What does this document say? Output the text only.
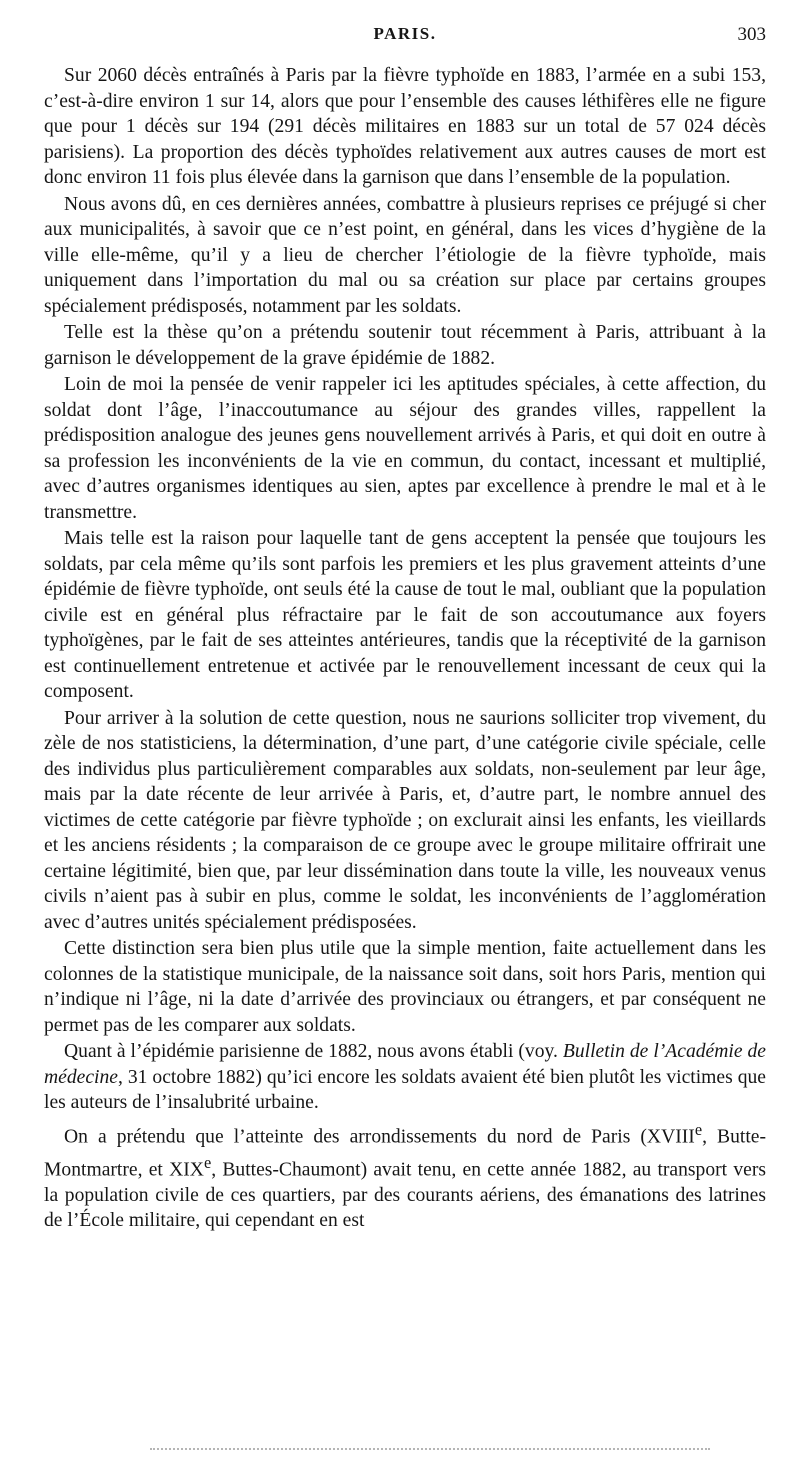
PARIS.	303

Sur 2060 décès entraînés à Paris par la fièvre typhoïde en 1883, l’armée en a subi 153, c’est-à-dire environ 1 sur 14, alors que pour l’ensemble des causes léthifères elle ne figure que pour 1 décès sur 194 (291 décès militaires en 1883 sur un total de 57 024 décès parisiens). La proportion des décès typhoïdes relativement aux autres causes de mort est donc environ 11 fois plus élevée dans la garnison que dans l’ensemble de la population.

Nous avons dû, en ces dernières années, combattre à plusieurs reprises ce préjugé si cher aux municipalités, à savoir que ce n’est point, en général, dans les vices d’hygiène de la ville elle-même, qu’il y a lieu de chercher l’étiologie de la fièvre typhoïde, mais uniquement dans l’importation du mal ou sa création sur place par certains groupes spécialement prédisposés, notamment par les soldats.

Telle est la thèse qu’on a prétendu soutenir tout récemment à Paris, attribuant à la garnison le développement de la grave épidémie de 1882.

Loin de moi la pensée de venir rappeler ici les aptitudes spéciales, à cette affection, du soldat dont l’âge, l’inaccoutumance au séjour des grandes villes, rappellent la prédisposition analogue des jeunes gens nouvellement arrivés à Paris, et qui doit en outre à sa profession les inconvénients de la vie en commun, du contact, incessant et multiplié, avec d’autres organismes identiques au sien, aptes par excellence à prendre le mal et à le transmettre.

Mais telle est la raison pour laquelle tant de gens acceptent la pensée que toujours les soldats, par cela même qu’ils sont parfois les premiers et les plus gravement atteints d’une épidémie de fièvre typhoïde, ont seuls été la cause de tout le mal, oubliant que la population civile est en général plus réfractaire par le fait de son accoutumance aux foyers typhoïgènes, par le fait de ses atteintes antérieures, tandis que la réceptivité de la garnison est continuellement entretenue et activée par le renouvellement incessant de ceux qui la composent.

Pour arriver à la solution de cette question, nous ne saurions solliciter trop vivement, du zèle de nos statisticiens, la détermination, d’une part, d’une catégorie civile spéciale, celle des individus plus particulièrement comparables aux soldats, non-seulement par leur âge, mais par la date récente de leur arrivée à Paris, et, d’autre part, le nombre annuel des victimes de cette catégorie par fièvre typhoïde ; on exclurait ainsi les enfants, les vieillards et les anciens résidents ; la comparaison de ce groupe avec le groupe militaire offrirait une certaine légitimité, bien que, par leur dissémination dans toute la ville, les nouveaux venus civils n’aient pas à subir en plus, comme le soldat, les inconvénients de l’agglomération avec d’autres unités spécialement prédisposées.

Cette distinction sera bien plus utile que la simple mention, faite actuellement dans les colonnes de la statistique municipale, de la naissance soit dans, soit hors Paris, mention qui n’indique ni l’âge, ni la date d’arrivée des provinciaux ou étrangers, et par conséquent ne permet pas de les comparer aux soldats.

Quant à l’épidémie parisienne de 1882, nous avons établi (voy. Bulletin de l’Académie de médecine, 31 octobre 1882) qu’ici encore les soldats avaient été bien plutôt les victimes que les auteurs de l’insalubrité urbaine.

On a prétendu que l’atteinte des arrondissements du nord de Paris (XVIIIe, Butte-Montmartre, et XIXe, Buttes-Chaumont) avait tenu, en cette année 1882, au transport vers la population civile de ces quartiers, par des courants aériens, des émanations des latrines de l’École militaire, qui cependant en est
